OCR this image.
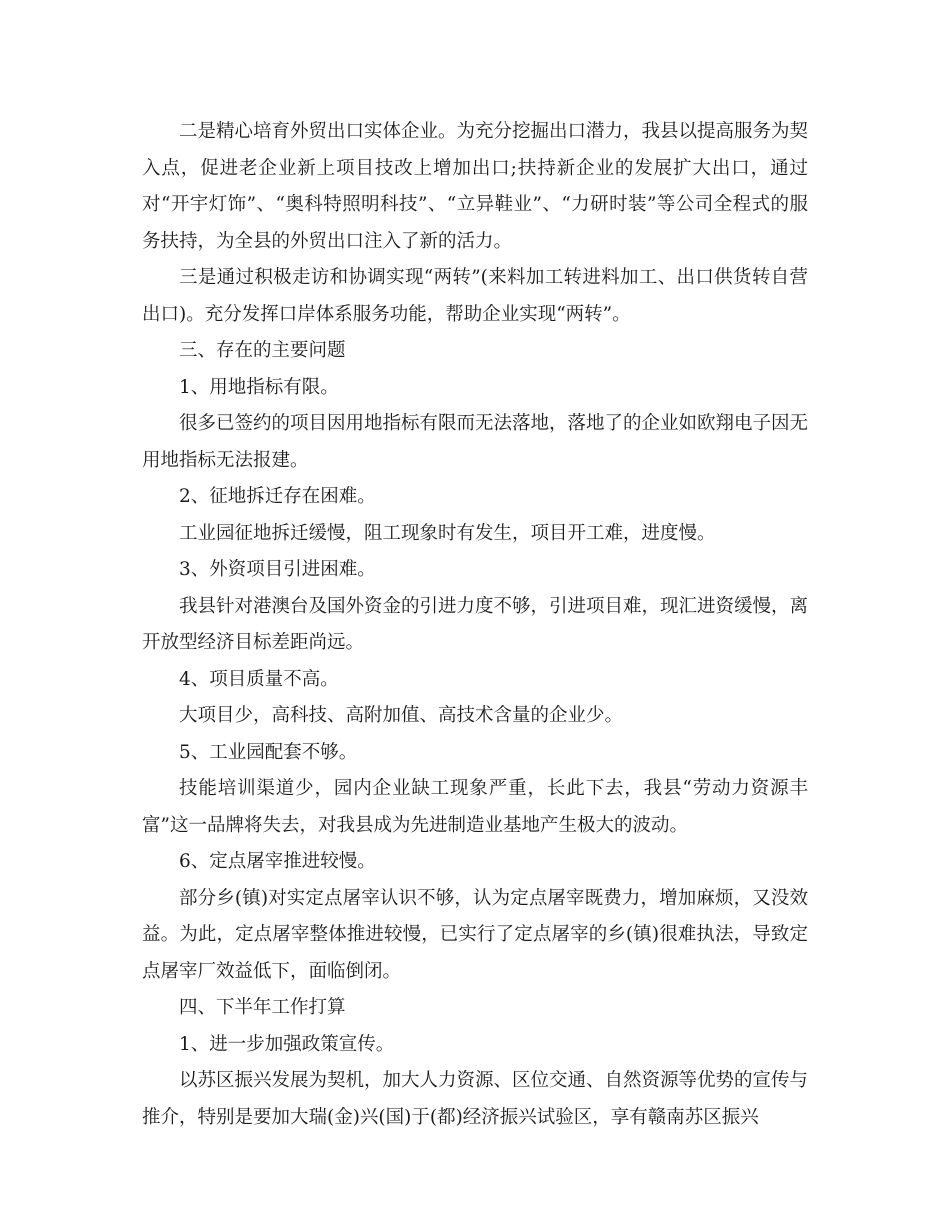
二是精心培育外贸出口实体企业。为充分挖掘出口潜力，我县以提高服务为契入点，促进老企业新上项目技改上增加出口;扶持新企业的发展扩大出口，通过对“开宇灯饰”、“奥科特照明科技”、“立异鞋业”、“力研时装”等公司全程式的服务扶持，为全县的外贸出口注入了新的活力。

三是通过积极走访和协调实现“两转”(来料加工转进料加工、出口供货转自营出口)。充分发挥口岸体系服务功能，帮助企业实现“两转”。

三、存在的主要问题

1、用地指标有限。

很多已签约的项目因用地指标有限而无法落地，落地了的企业如欧翔电子因无用地指标无法报建。

2、征地拆迁存在困难。

工业园征地拆迁缓慢，阻工现象时有发生，项目开工难，进度慢。

3、外资项目引进困难。

我县针对港澳台及国外资金的引进力度不够，引进项目难，现汇进资缓慢，离开放型经济目标差距尚远。

4、项目质量不高。

大项目少，高科技、高附加值、高技术含量的企业少。

5、工业园配套不够。

技能培训渠道少，园内企业缺工现象严重，长此下去，我县“劳动力资源丰富”这一品牌将失去，对我县成为先进制造业基地产生极大的波动。

6、定点屠宰推进较慢。

部分乡(镇)对实定点屠宰认识不够，认为定点屠宰既费力，增加麻烦，又没效益。为此，定点屠宰整体推进较慢，已实行了定点屠宰的乡(镇)很难执法，导致定点屠宰厂效益低下，面临倒闭。

四、下半年工作打算

1、进一步加强政策宣传。

以苏区振兴发展为契机，加大人力资源、区位交通、自然资源等优势的宣传与推介，特别是要加大瑞(金)兴(国)于(都)经济振兴试验区，享有赣南苏区振兴
